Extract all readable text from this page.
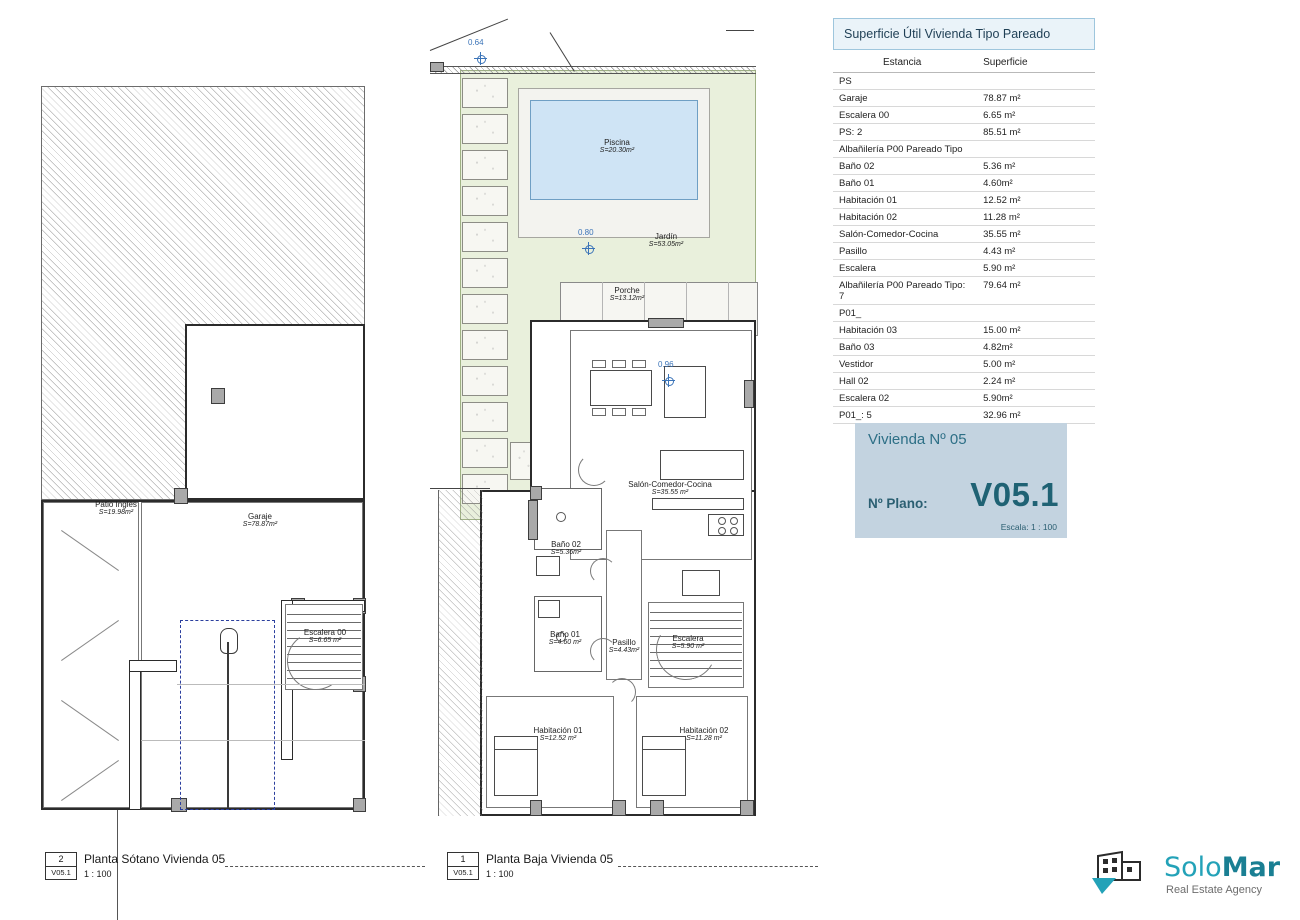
Patio Inglés
S=19.98m²	Garaje
S=78.87m²
Escalera 00
S=6.65 m²
2
V05.1
Planta Sótano Vivienda 05
1 : 100
0.64
0.80
0.96
Piscina
S=20.30m²
Jardín
S=53.05m²
Porche
S=13.12m²
Salón-Comedor-Cocina
S=35.55 m²
Baño 02
S=5.36m²
Baño 01
S=4.60 m²	Pasillo
S=4.43m²
Escalera
S=5.90 m²
Habitación 01
S=12.52 m²
Habitación 02
S=11.28 m²
1
V05.1
Planta Baja Vivienda 05
1 : 100
Superficie Útil Vivienda Tipo Pareado
Estancia	Superficie
PS	
Garaje	78.87 m²
Escalera 00	6.65 m²
PS: 2	85.51 m²
Albañilería P00 Pareado Tipo	
Baño 02	5.36 m²
Baño 01	4.60m²
Habitación 01	12.52 m²
Habitación 02	11.28 m²
Salón-Comedor-Cocina	35.55 m²
Pasillo	4.43 m²
Escalera	5.90 m²
Albañilería P00 Pareado Tipo: 7	79.64 m²
P01_	
Habitación 03	15.00 m²
Baño 03	4.82m²
Vestidor	5.00 m²
Hall 02	2.24 m²
Escalera 02	5.90m²
P01_: 5	32.96 m²

Vivienda Nº 05
Nº Plano: V05.1
Escala: 1 : 100
SoloMar
Real Estate Agency
